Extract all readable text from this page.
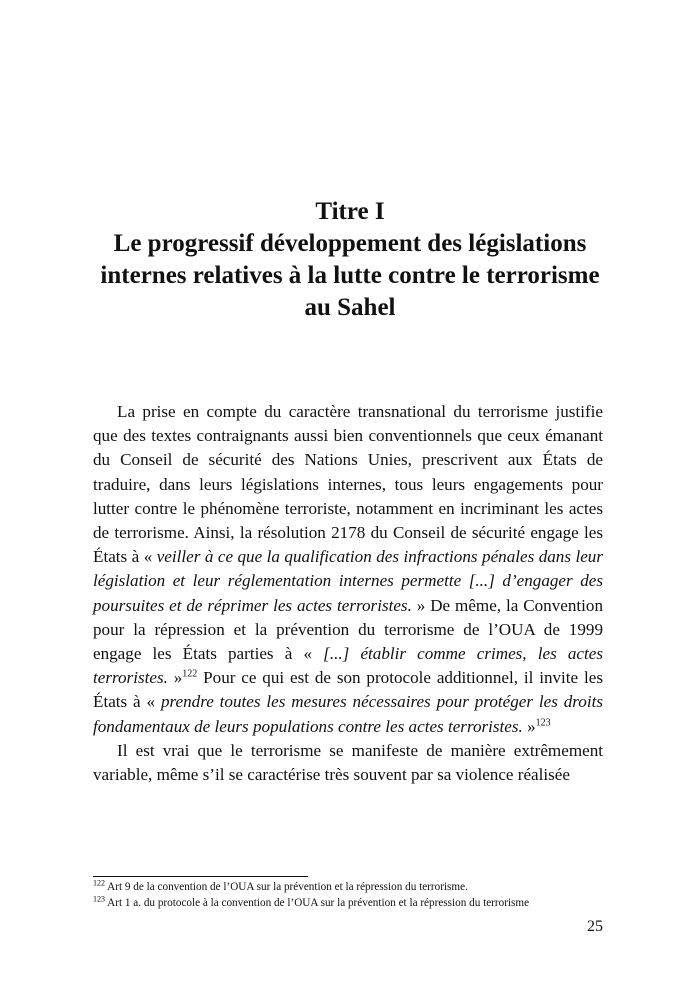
Titre I
Le progressif développement des législations
internes relatives à la lutte contre le terrorisme
au Sahel

La prise en compte du caractère transnational du terrorisme justifie que des textes contraignants aussi bien conventionnels que ceux émanant du Conseil de sécurité des Nations Unies, prescrivent aux États de traduire, dans leurs législations internes, tous leurs engagements pour lutter contre le phénomène terroriste, notamment en incriminant les actes de terrorisme. Ainsi, la résolution 2178 du Conseil de sécurité engage les États à « veiller à ce que la qualification des infractions pénales dans leur législation et leur réglementation internes permette [...] d’engager des poursuites et de réprimer les actes terroristes. » De même, la Convention pour la répression et la prévention du terrorisme de l’OUA de 1999 engage les États parties à « [...] établir comme crimes, les actes terroristes. »$^{122}$ Pour ce qui est de son protocole additionnel, il invite les États à « prendre toutes les mesures nécessaires pour protéger les droits fondamentaux de leurs populations contre les actes terroristes. »$^{123}$

Il est vrai que le terrorisme se manifeste de manière extrêmement variable, même s’il se caractérise très souvent par sa violence réalisée

$^{122}$ Art 9 de la convention de l’OUA sur la prévention et la répression du terrorisme.
$^{123}$ Art 1 a. du protocole à la convention de l’OUA sur la prévention et la répression du terrorisme
25
